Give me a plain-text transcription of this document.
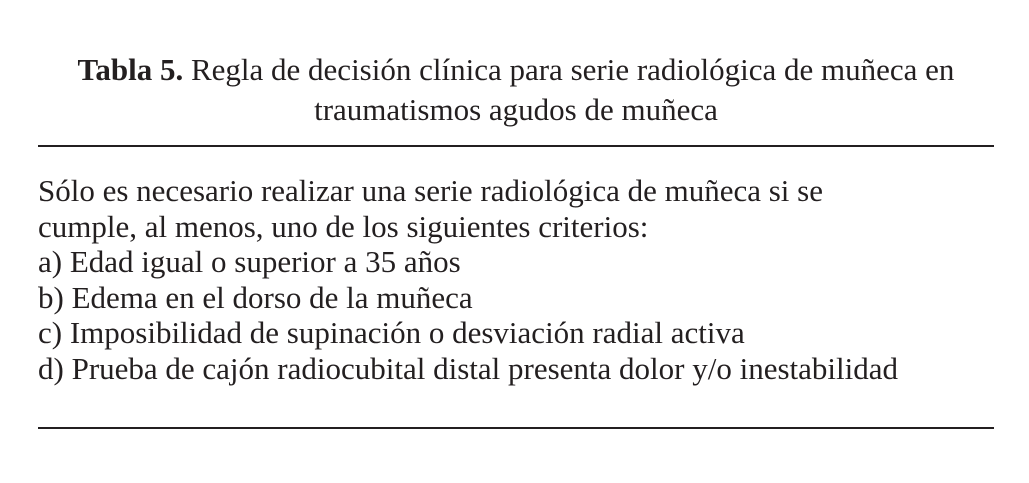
Tabla 5. Regla de decisión clínica para serie radiológica de muñeca en traumatismos agudos de muñeca
Sólo es necesario realizar una serie radiológica de muñeca si se
cumple, al menos, uno de los siguientes criterios:
a) Edad igual o superior a 35 años
b) Edema en el dorso de la muñeca
c) Imposibilidad de supinación o desviación radial activa
d) Prueba de cajón radiocubital distal presenta dolor y/o inestabilidad
